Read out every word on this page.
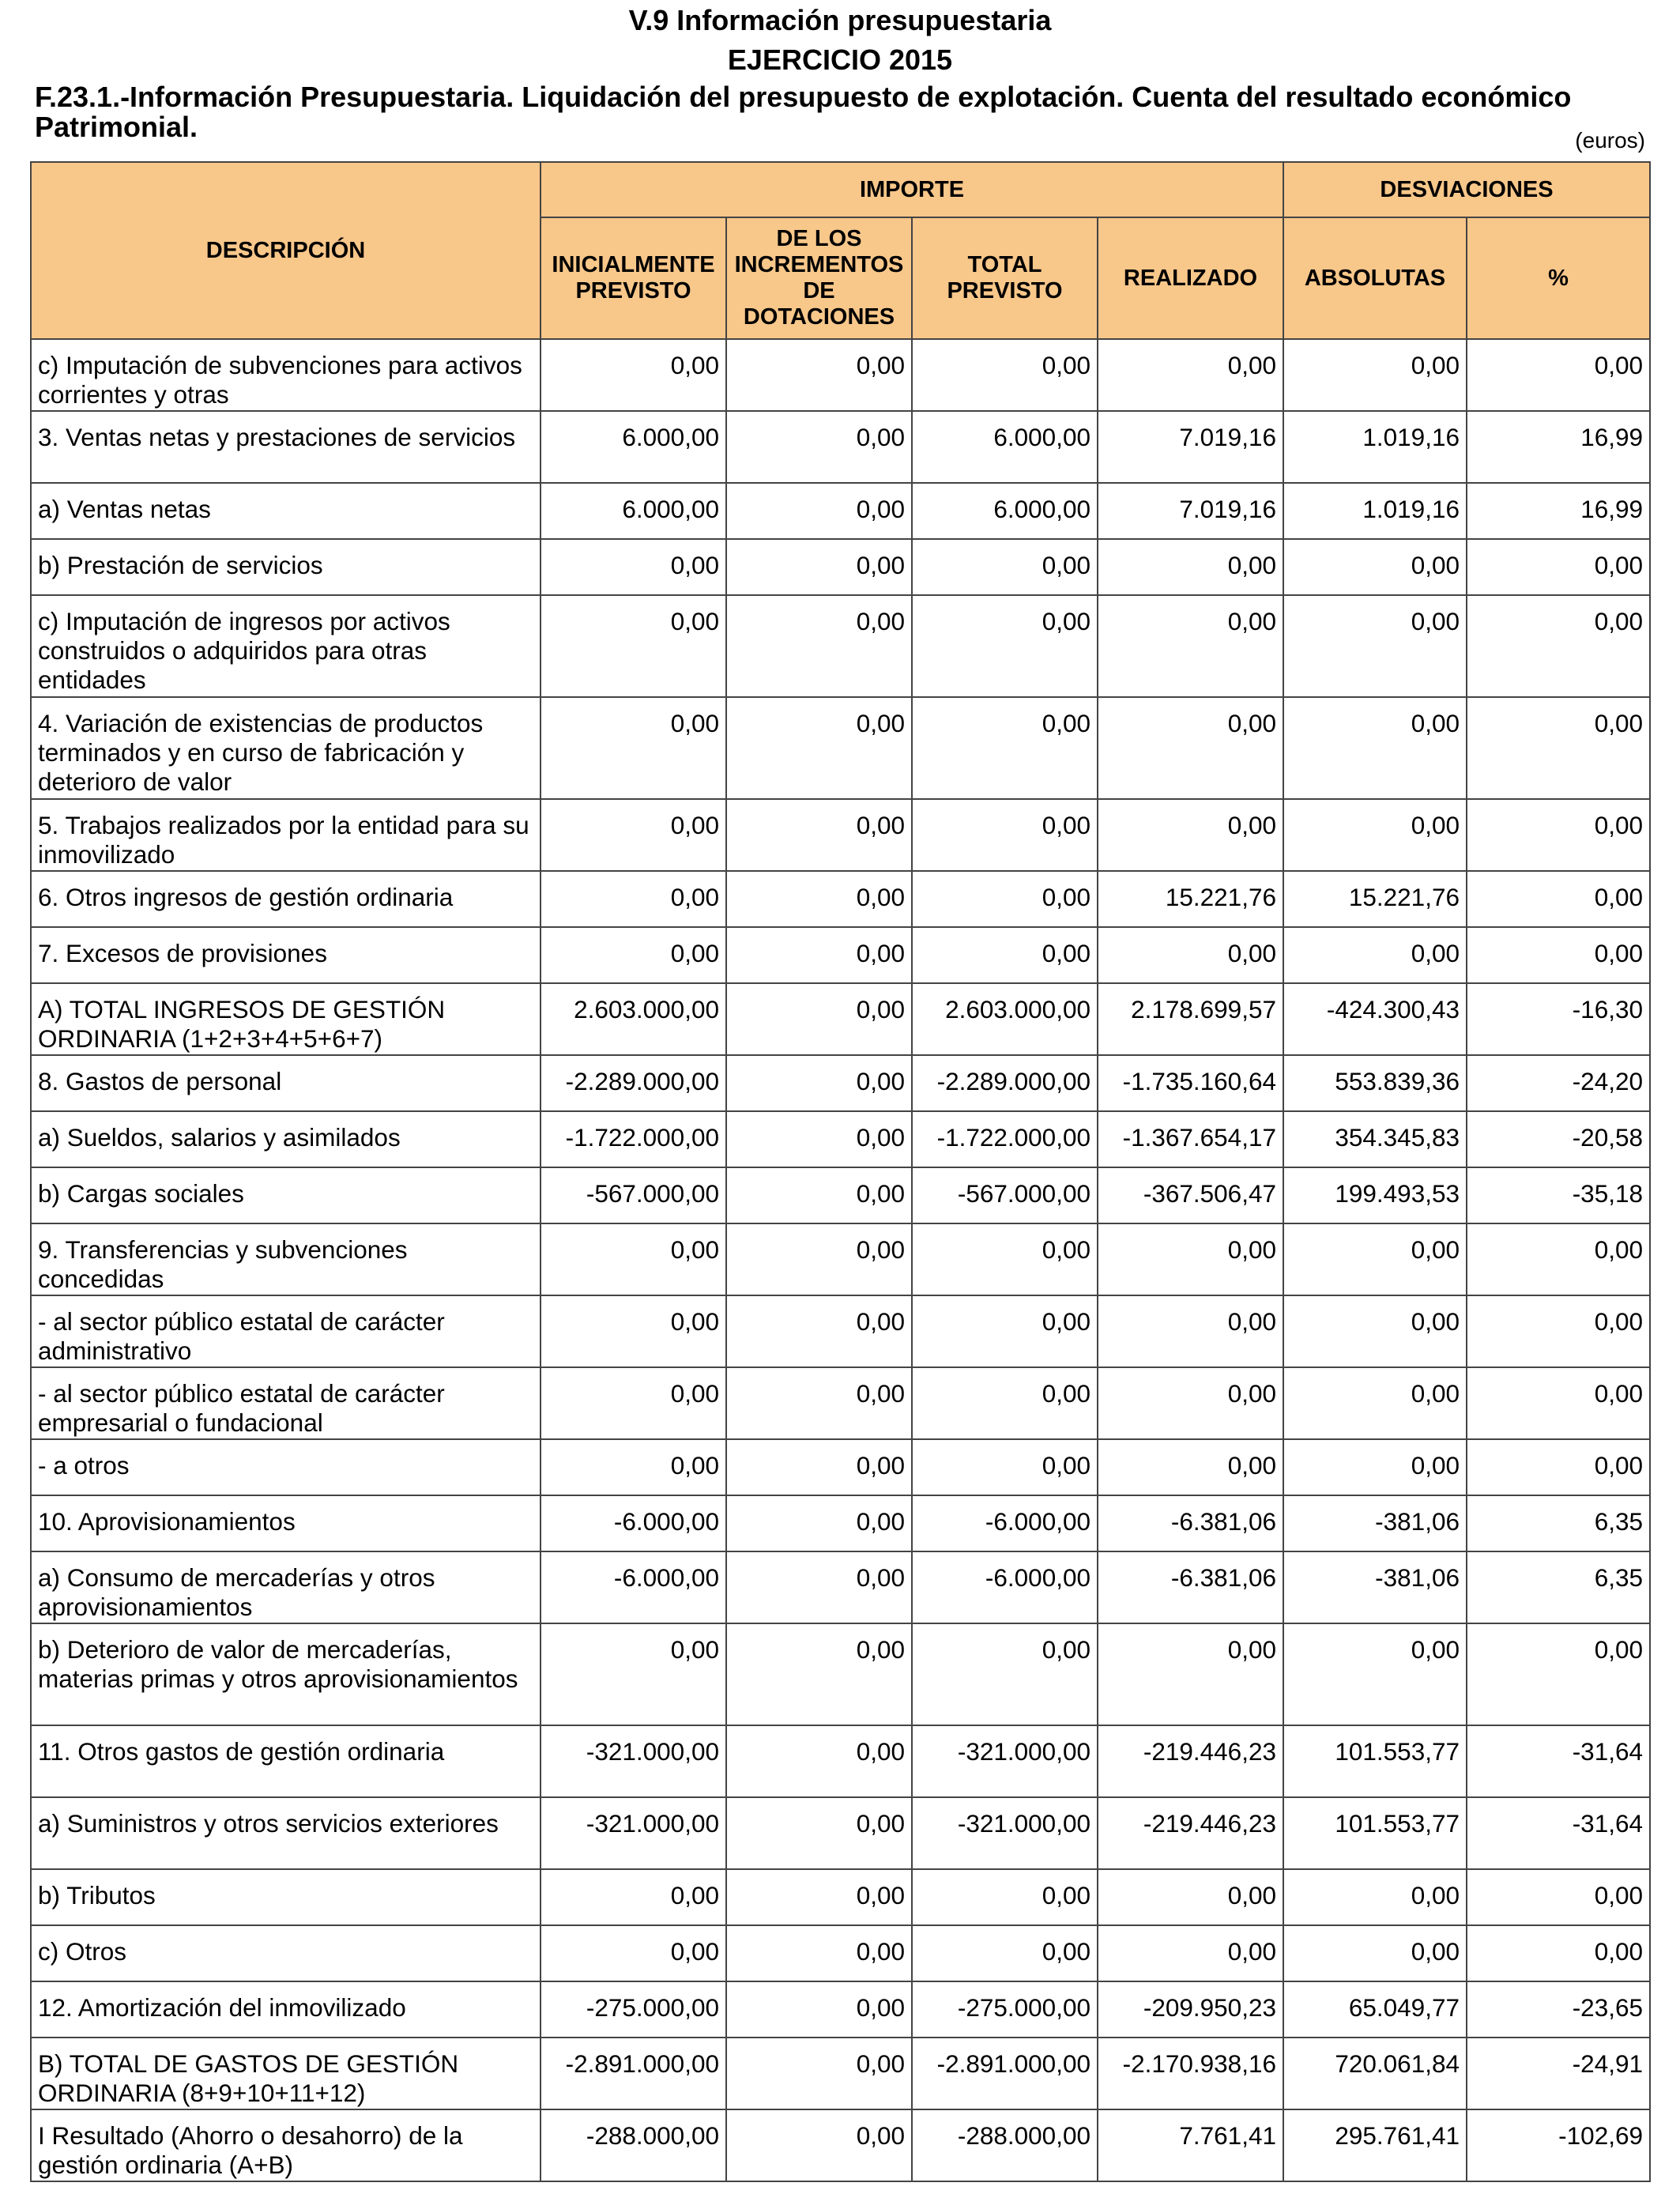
V.9 Información presupuestaria
EJERCICIO 2015
F.23.1.-Información Presupuestaria. Liquidación del presupuesto de explotación. Cuenta del resultado económico Patrimonial.	(euros)
DESCRIPCIÓN	IMPORTE				DESVIACIONES	
	INICIALMENTE PREVISTO	DE LOS INCREMENTOS DE DOTACIONES	TOTAL PREVISTO	REALIZADO	ABSOLUTAS	%
c) Imputación de subvenciones para activos corrientes y otras	0,00	0,00	0,00	0,00	0,00	0,00
3. Ventas netas y prestaciones de servicios	6.000,00	0,00	6.000,00	7.019,16	1.019,16	16,99
a) Ventas netas	6.000,00	0,00	6.000,00	7.019,16	1.019,16	16,99
b) Prestación de servicios	0,00	0,00	0,00	0,00	0,00	0,00
c) Imputación de ingresos por activos construidos o adquiridos para otras entidades	0,00	0,00	0,00	0,00	0,00	0,00
4. Variación de existencias de productos terminados y en curso de fabricación y deterioro de valor	0,00	0,00	0,00	0,00	0,00	0,00
5. Trabajos realizados por la entidad para su inmovilizado	0,00	0,00	0,00	0,00	0,00	0,00
6. Otros ingresos de gestión ordinaria	0,00	0,00	0,00	15.221,76	15.221,76	0,00
7. Excesos de provisiones	0,00	0,00	0,00	0,00	0,00	0,00
A) TOTAL INGRESOS DE GESTIÓN ORDINARIA (1+2+3+4+5+6+7)	2.603.000,00	0,00	2.603.000,00	2.178.699,57	-424.300,43	-16,30
8. Gastos de personal	-2.289.000,00	0,00	-2.289.000,00	-1.735.160,64	553.839,36	-24,20
a) Sueldos, salarios y asimilados	-1.722.000,00	0,00	-1.722.000,00	-1.367.654,17	354.345,83	-20,58
b) Cargas sociales	-567.000,00	0,00	-567.000,00	-367.506,47	199.493,53	-35,18
9. Transferencias y subvenciones concedidas	0,00	0,00	0,00	0,00	0,00	0,00
- al sector público estatal de carácter administrativo	0,00	0,00	0,00	0,00	0,00	0,00
- al sector público estatal de carácter empresarial o fundacional	0,00	0,00	0,00	0,00	0,00	0,00
- a otros	0,00	0,00	0,00	0,00	0,00	0,00
10. Aprovisionamientos	-6.000,00	0,00	-6.000,00	-6.381,06	-381,06	6,35
a) Consumo de mercaderías y otros aprovisionamientos	-6.000,00	0,00	-6.000,00	-6.381,06	-381,06	6,35
b) Deterioro de valor de mercaderías, materias primas y otros aprovisionamientos	0,00	0,00	0,00	0,00	0,00	0,00
11. Otros gastos de gestión ordinaria	-321.000,00	0,00	-321.000,00	-219.446,23	101.553,77	-31,64
a) Suministros y otros servicios exteriores	-321.000,00	0,00	-321.000,00	-219.446,23	101.553,77	-31,64
b) Tributos	0,00	0,00	0,00	0,00	0,00	0,00
c) Otros	0,00	0,00	0,00	0,00	0,00	0,00
12. Amortización del inmovilizado	-275.000,00	0,00	-275.000,00	-209.950,23	65.049,77	-23,65
B) TOTAL DE GASTOS DE GESTIÓN ORDINARIA (8+9+10+11+12)	-2.891.000,00	0,00	-2.891.000,00	-2.170.938,16	720.061,84	-24,91
I Resultado (Ahorro o desahorro) de la gestión ordinaria (A+B)	-288.000,00	0,00	-288.000,00	7.761,41	295.761,41	-102,69
